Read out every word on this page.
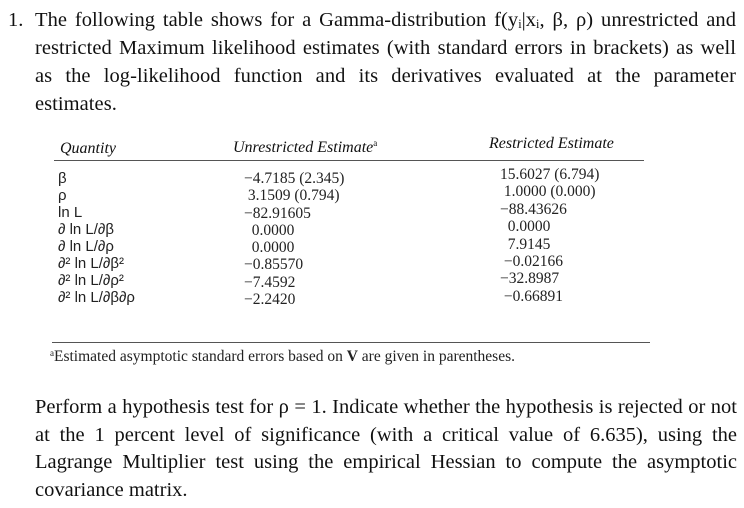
1. The following table shows for a Gamma-distribution f(yᵢ|xᵢ, β, ρ) unrestricted and restricted Maximum likelihood estimates (with standard errors in brackets) as well as the log-likelihood function and its derivatives evaluated at the parameter estimates.
Quantity	Unrestricted Estimate$^a$	Restricted Estimate
β
ρ
ln L
∂ ln L/∂β
∂ ln L/∂ρ
∂² ln L/∂β²
∂² ln L/∂ρ²
∂² ln L/∂β∂ρ
−4.7185 (2.345)
3.1509 (0.794)
−82.91605
0.0000
0.0000
−0.85570
−7.4592
−2.2420
15.6027 (6.794)
1.0000 (0.000)
−88.43626
0.0000
7.9145
−0.02166
−32.8987
−0.66891
$^a$Estimated asymptotic standard errors based on V are given in parentheses.
Perform a hypothesis test for ρ = 1. Indicate whether the hypothesis is rejected or not at the 1 percent level of significance (with a critical value of 6.635), using the Lagrange Multiplier test using the empirical Hessian to compute the asymptotic covariance matrix.
